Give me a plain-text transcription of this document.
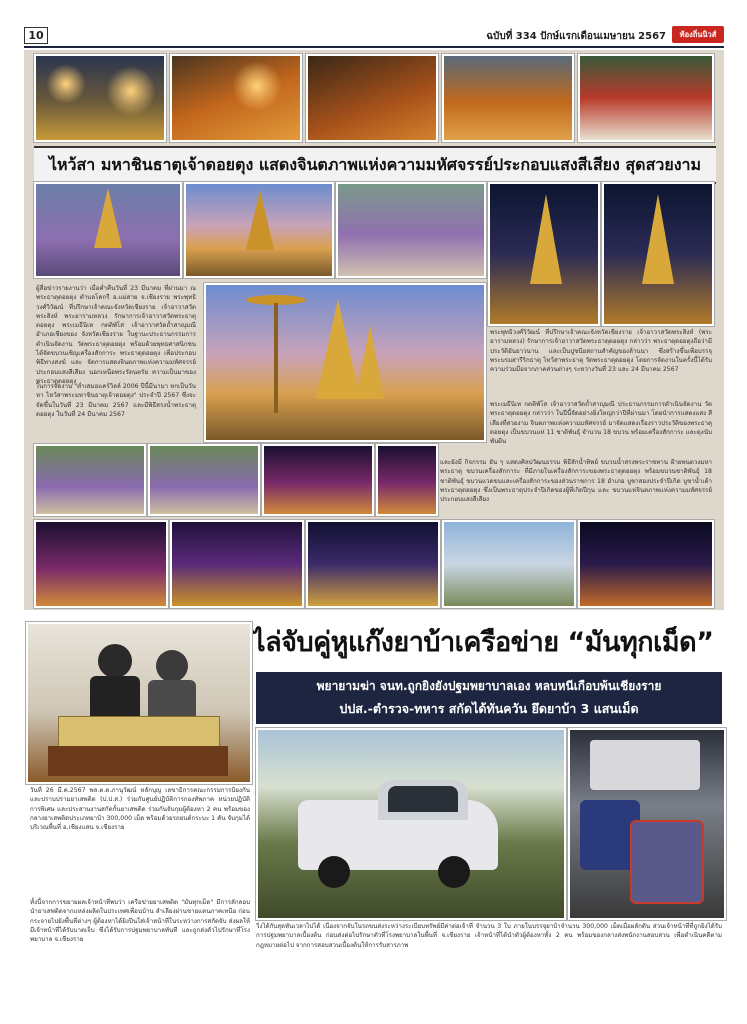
10	ฉบับที่ 334 ปักษ์แรกเดือนเมษายน 2567	ท้องถิ่นนิวส์
ไหว้สา มหาชินธาตุเจ้าดอยตุง แสดงจินตภาพแห่งความมหัศจรรย์ประกอบแสงสีเสียง สุดสวยงาม
ผู้สื่อข่าวรายงานว่า เมื่อค่ำคืนวันที่ 23 มีนาคม ที่ผ่านมา ณ พระธาตุดอยตุง ตำบลโคกรี อ.แม่สาย จ.เชียงราย พระพุทธิวงศ์วิวัฒน์ ที่ปรึกษาเจ้าคณะจังหวัดเชียงราย เจ้าอาวาสวัดพระสิงห์ พระอารามหลวง รักษาการเจ้าอาวาสวัดพระธาตุดอยตุง พระเมธีนิเท กตติพัโส เจ้าอาวาสวัดถ้ำสาญุมณี อำเภอเชียงของ จังหวัดเชียงราย ในฐานะประธานกรรมการดำเนินจัดงาน วัดพระธาตุดอยตุง พร้อมด้วยพุทธศาสนิกชนได้จัดขบวนเชิญเครื่องสักการะ พระธาตุดอยตุง เพื่อประกอบพิธีทางสงฆ์ และ จัดการแสดงจินตภาพแห่งความมหัศจรรย์ประกอบแสงสีเสียง นอกเหนือพระรัตนตรัย ความเป็นมาของพระธาตุดอยตุง
ในการจัดงาน "ต่ำเสมอแคร์วิลล์ 2006 ปีนี้มีนามา หกเป็นวันหา ไหว้สาพระมหาชินธาตุเจ้าดอยตุง" ประจำปี 2567 ซึ่งจะจัดขึ้นในวันที่ 23 มีนาคม 2567 และมีพิธีสรงน้ำพระธาตุดอยตุง ในวันที่ 24 มีนาคม 2567
พระพุทธิวงศ์วิวัฒน์ ที่ปรึกษาเจ้าคณะจังหวัดเชียงราย เจ้าอาวาสวัดพระสิงห์ (พระอารามหลวง) รักษาการเจ้าอาวาสวัดพระธาตุดอยตุง กล่าวว่า พระธาตุดอยตุงถือว่ามีประวัติอันยาวนาน และเป็นปูชนียสถานสำคัญของล้านนา ซึ่งสร้างขึ้นเพื่อบรรจุพระบรมสารีริกธาตุ ไหว้สาพระธาตุ วัดพระธาตุดอยตุง โดยการจัดงานในครั้งนี้ได้รับความร่วมมือจากภาคส่วนต่างๆ ระหว่างวันที่ 23 และ 24 มีนาคม 2567
พระเมธีนิเท กตติพัโส เจ้าอาวาสวัดถ้ำสาญุมณี ประธานกรรมการดำเนินจัดงาน วัดพระธาตุดอยตุง กล่าวว่า ในปีนี้จัดอย่างยิ่งใหญ่กว่าปีที่ผ่านมา โดยนำการแสดงแสง สี เสียงที่สวยงาม จินตภาพแห่งความมหัศจรรย์ มาจัดแสดงเรื่องราวประวัติของพระธาตุดอยตุง เป็นขบวนแห่ 11 ชาติพันธุ์ จำนวน 18 ขบวน พร้อมเครื่องสักการะ และตุงนับพันผืน
และยังมี กิจกรรม ยัน ๆ แสดงศิลปวัฒนธรรม พิธีสักน้ำทิพย์ ขบวนน้ำสรงพระราชทาน ฝ้ายพนดวงมหาพระธาตุ ขบวนเครื่องสักการะ ที่มีภายในเครื่องสักการะของพระธาตุดอยตุง พร้อมขบวนชาติพันธุ์ 18 ชาติพันธุ์ ขบวนแวดขบและเครื่องสักการะของส่วนราชการ 18 อำเภอ บูชาสองประจำปีเกิด บูชาน้ำเต้าพระธาตุดอยตุง ซึ่งเป็นพระธาตุประจำปีเกิดของผู้ที่เกิดปีกุน และ ขบวนแห่จินตภาพแห่งความมหัศจรรย์ประกอบแสงสีเสียง
ไล่จับคู่หูแก๊งยาบ้าเครือข่าย “มันทุกเม็ด”
พยายามฆ่า จนท.ถูกยิงยังปฐมพยาบาลเอง หลบหนีเกือบพ้นเชียงราย
ปปส.-ตำรวจ-ทหาร สกัดได้ทันควัน ยึดยาบ้า 3 แสนเม็ด
วันที่ 26 มี.ค.2567 พล.ต.ต.ภานุวัฒน์ หลักบุญ เลขาธิการคณะกรรมการป้องกันและปราบปรามยาเสพติด (ป.ป.ส.) ร่วมกับศูนย์ปฏิบัติการกองทัพภาค หน่วยปฏิบัติการพิเศษ และประสานงานสกัดกั้นยาเสพติด ร่วมกันจับกุมผู้ต้องหา 2 คน พร้อมของกลางยาเสพติดประเภทยาบ้า 300,000 เม็ด พร้อมด้วยรถยนต์กระบะ 1 คัน จับกุมได้บริเวณพื้นที่ อ.เชียงแสน จ.เชียงราย
ทั้งนี้จากการขยายผลเจ้าหน้าที่พบว่า เครือข่ายยาเสพติด "มันทุกเม็ด" มีการลักลอบนำยาเสพติดจากแหล่งผลิตในประเทศเพื่อนบ้าน ลำเลียงผ่านชายแดนภาคเหนือ ก่อนกระจายไปยังพื้นที่ต่างๆ ผู้ต้องหาได้ยิงปืนใส่เจ้าหน้าที่ในระหว่างการสกัดจับ ส่งผลให้มีเจ้าหน้าที่ได้รับบาดเจ็บ ซึ่งได้รับการปฐมพยาบาลทันที และถูกส่งตัวไปรักษาที่โรงพยาบาล จ.เชียงราย
วิ่งได้กับสุดทันเวลาไปได้ เนื่องจากจับในรถขนส่งระหว่างระเบียบทรัพย์มีค่าต่อเจ้าที่ จำนวน 3 ใบ ภายในบรรจุยาบ้าจำนวน 300,000 เม็ดเมื่อผลักดัน ส่วนเจ้าหน้าที่ที่ถูกยิงได้รับการปฐมพยาบาลเบื้องต้น ก่อนส่งต่อไปรักษาตัวที่โรงพยาบาลในพื้นที่ จ.เชียงราย เจ้าหน้าที่ได้นำตัวผู้ต้องหาทั้ง 2 คน พร้อมของกลางส่งพนักงานสอบสวน เพื่อดำเนินคดีตามกฎหมายต่อไป จากการสอบสวนเบื้องต้นให้การรับสารภาพ
